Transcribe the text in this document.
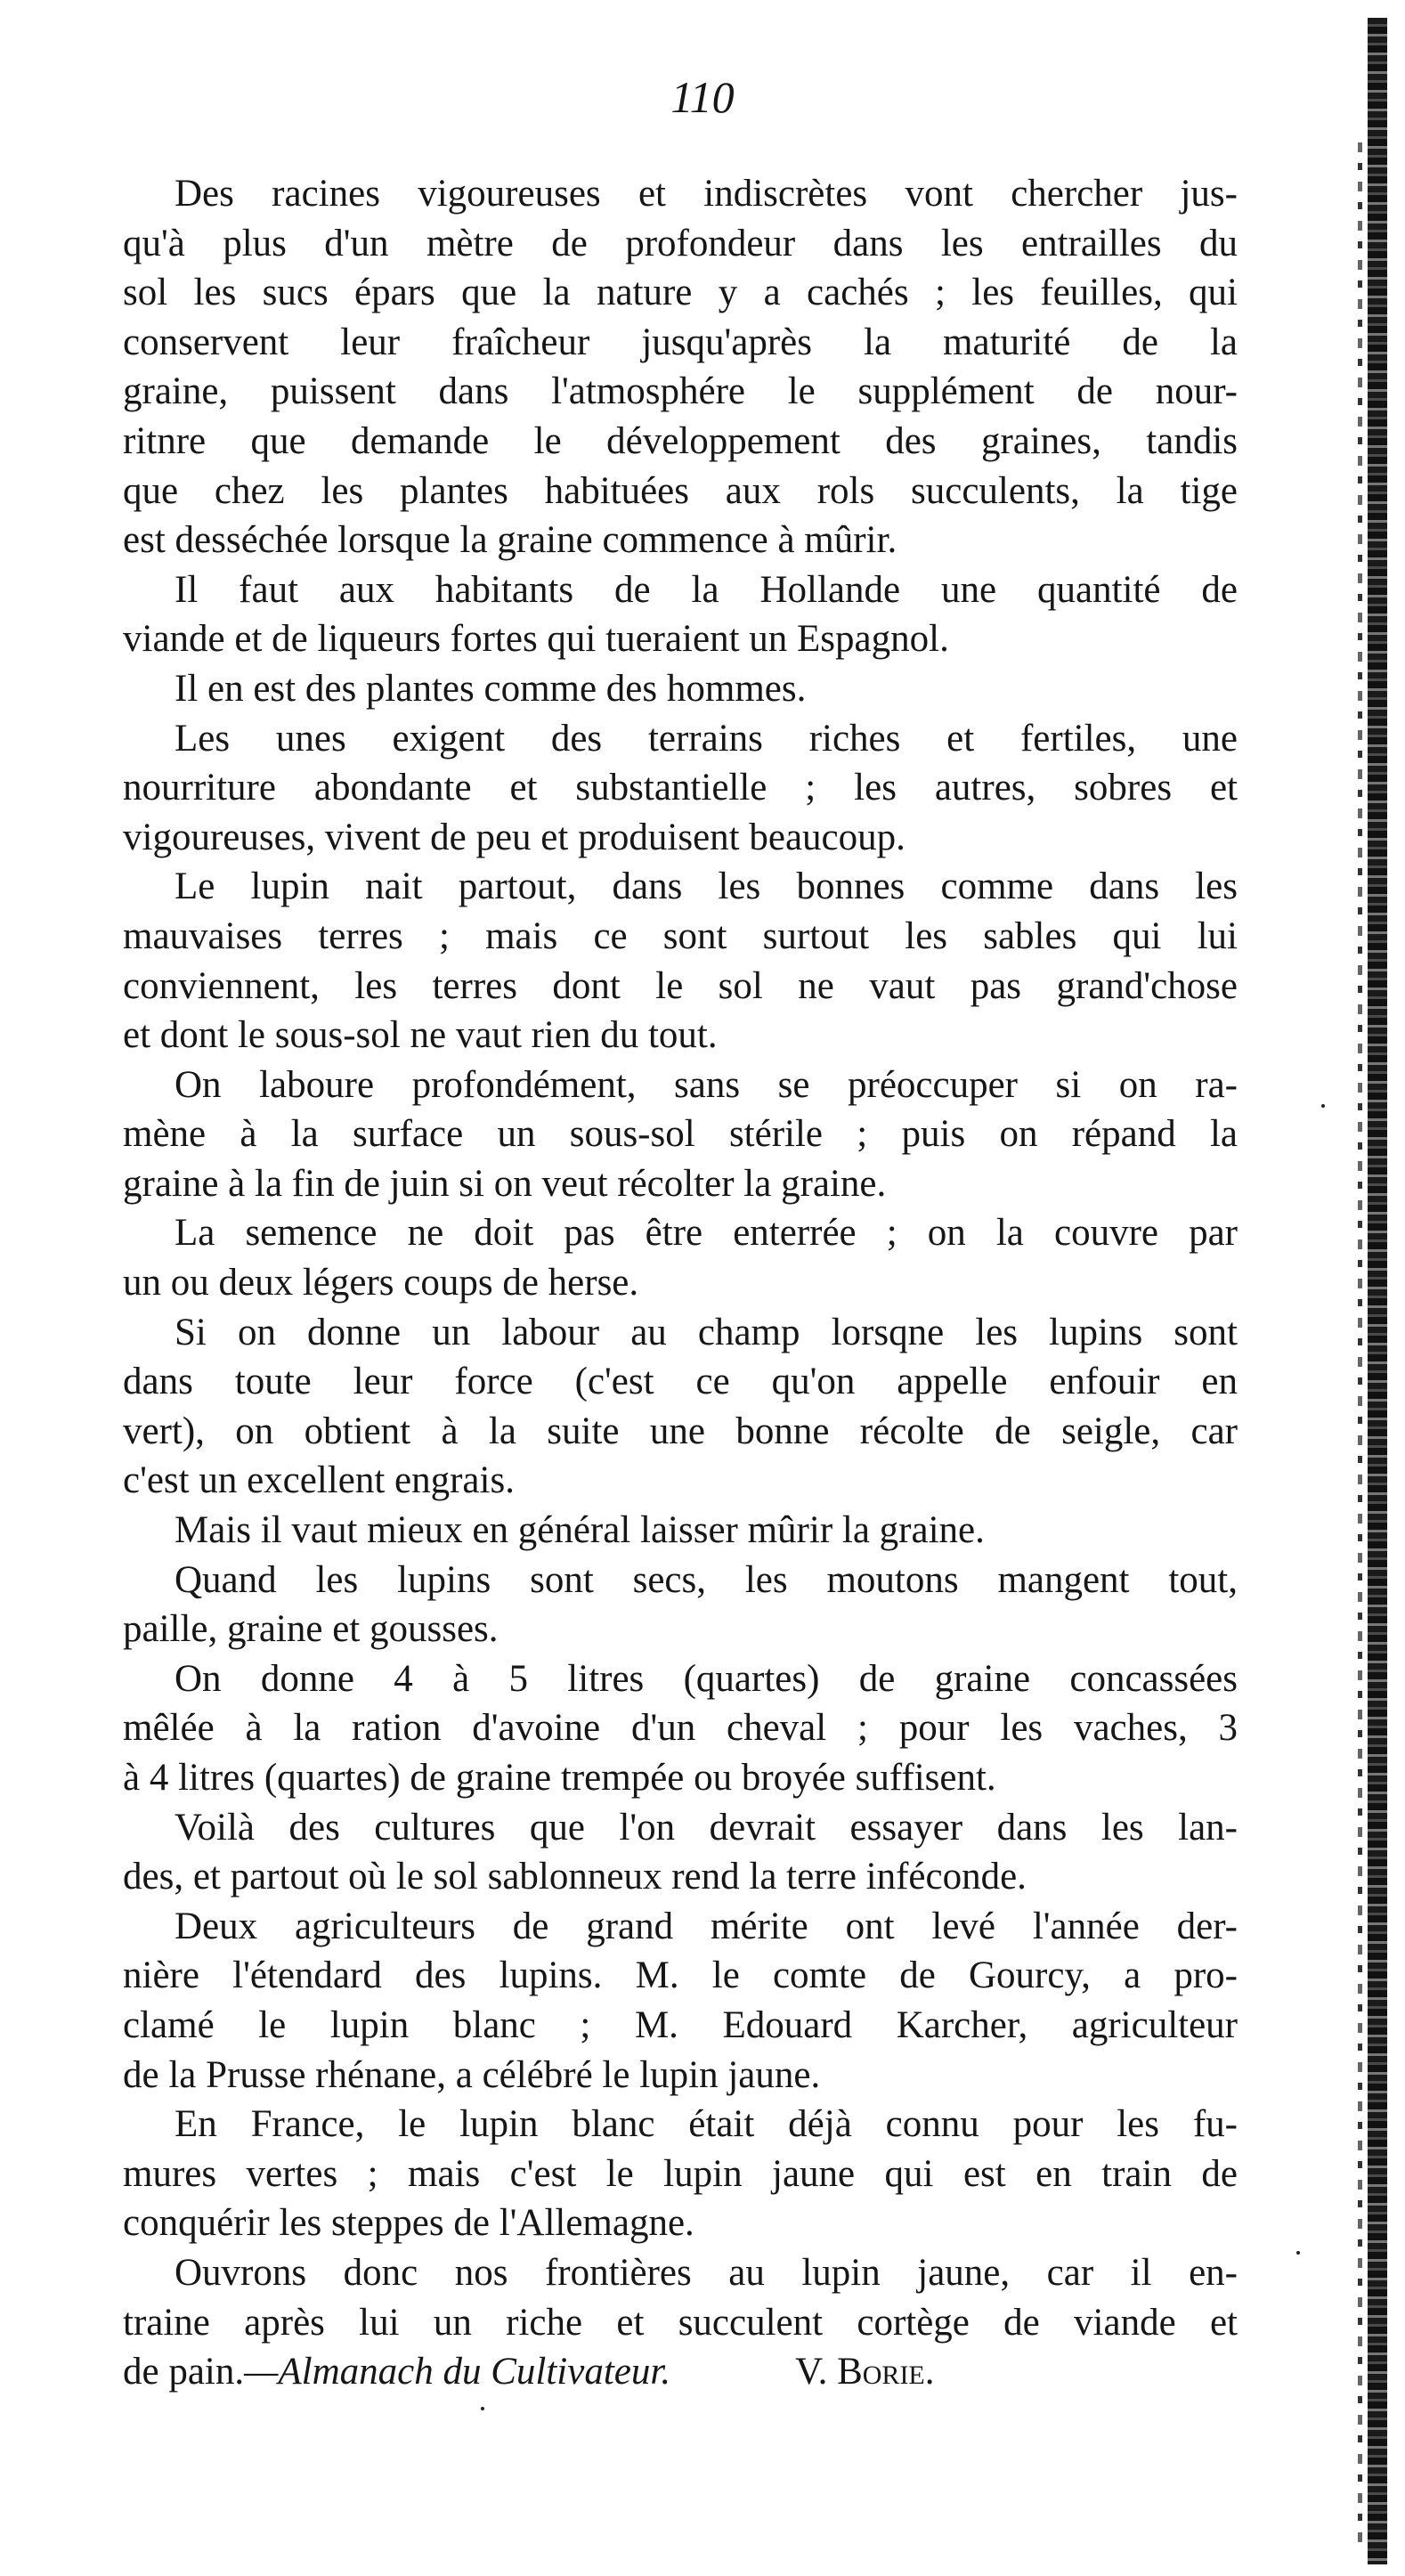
110
Des racines vigoureuses et indiscrètes vont chercher jus-
qu'à plus d'un mètre de profondeur dans les entrailles du
sol les sucs épars que la nature y a cachés ; les feuilles, qui
conservent leur fraîcheur jusqu'après la maturité de la
graine, puissent dans l'atmosphére le supplément de nour-
ritnre que demande le développement des graines, tandis
que chez les plantes habituées aux rols succulents, la tige
est desséchée lorsque la graine commence à mûrir.
Il faut aux habitants de la Hollande une quantité de
viande et de liqueurs fortes qui tueraient un Espagnol.
Il en est des plantes comme des hommes.
Les unes exigent des terrains riches et fertiles, une
nourriture abondante et substantielle ; les autres, sobres et
vigoureuses, vivent de peu et produisent beaucoup.
Le lupin nait partout, dans les bonnes comme dans les
mauvaises terres ; mais ce sont surtout les sables qui lui
conviennent, les terres dont le sol ne vaut pas grand'chose
et dont le sous-sol ne vaut rien du tout.
On laboure profondément, sans se préoccuper si on ra-
mène à la surface un sous-sol stérile ; puis on répand la
graine à la fin de juin si on veut récolter la graine.
La semence ne doit pas être enterrée ; on la couvre par
un ou deux légers coups de herse.
Si on donne un labour au champ lorsqne les lupins sont
dans toute leur force (c'est ce qu'on appelle enfouir en
vert), on obtient à la suite une bonne récolte de seigle, car
c'est un excellent engrais.
Mais il vaut mieux en général laisser mûrir la graine.
Quand les lupins sont secs, les moutons mangent tout,
paille, graine et gousses.
On donne 4 à 5 litres (quartes) de graine concassées
mêlée à la ration d'avoine d'un cheval ; pour les vaches, 3
à 4 litres (quartes) de graine trempée ou broyée suffisent.
Voilà des cultures que l'on devrait essayer dans les lan-
des, et partout où le sol sablonneux rend la terre inféconde.
Deux agriculteurs de grand mérite ont levé l'année der-
nière l'étendard des lupins. M. le comte de Gourcy, a pro-
clamé le lupin blanc ; M. Edouard Karcher, agriculteur
de la Prusse rhénane, a célébré le lupin jaune.
En France, le lupin blanc était déjà connu pour les fu-
mures vertes ; mais c'est le lupin jaune qui est en train de
conquérir les steppes de l'Allemagne.
Ouvrons donc nos frontières au lupin jaune, car il en-
traine après lui un riche et succulent cortège de viande et
de pain. —Almanach du Cultivateur.	V. Borie.
